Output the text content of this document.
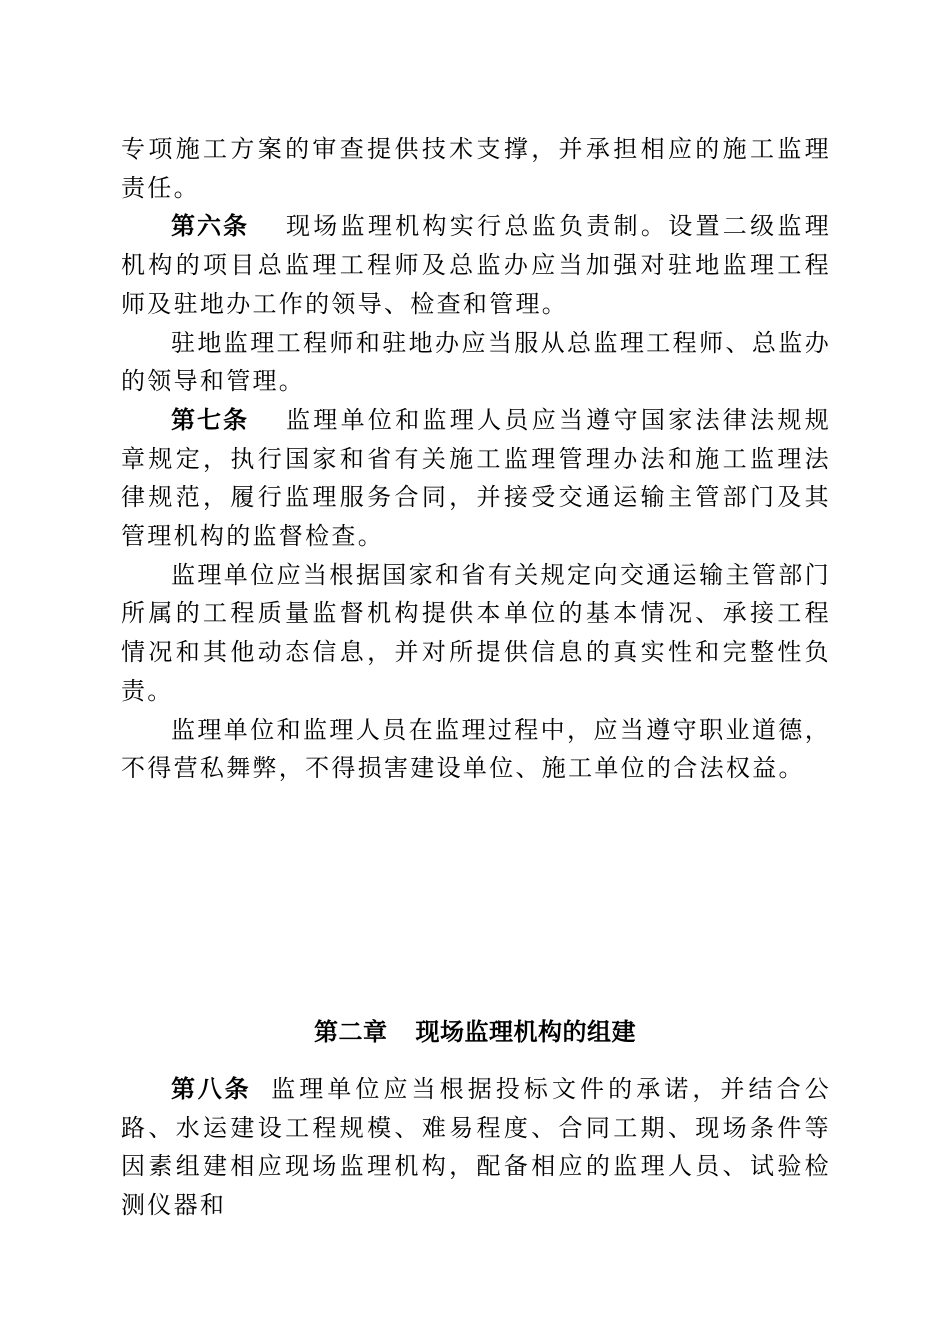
专项施工方案的审查提供技术支撑，并承担相应的施工监理责任。

第六条 现场监理机构实行总监负责制。设置二级监理机构的项目总监理工程师及总监办应当加强对驻地监理工程师及驻地办工作的领导、检查和管理。

驻地监理工程师和驻地办应当服从总监理工程师、总监办的领导和管理。

第七条 监理单位和监理人员应当遵守国家法律法规规章规定，执行国家和省有关施工监理管理办法和施工监理法律规范，履行监理服务合同，并接受交通运输主管部门及其管理机构的监督检查。

监理单位应当根据国家和省有关规定向交通运输主管部门所属的工程质量监督机构提供本单位的基本情况、承接工程情况和其他动态信息，并对所提供信息的真实性和完整性负责。

监理单位和监理人员在监理过程中，应当遵守职业道德，不得营私舞弊，不得损害建设单位、施工单位的合法权益。

第二章 现场监理机构的组建

第八条 监理单位应当根据投标文件的承诺，并结合公路、水运建设工程规模、难易程度、合同工期、现场条件等因素组建相应现场监理机构，配备相应的监理人员、试验检测仪器和
